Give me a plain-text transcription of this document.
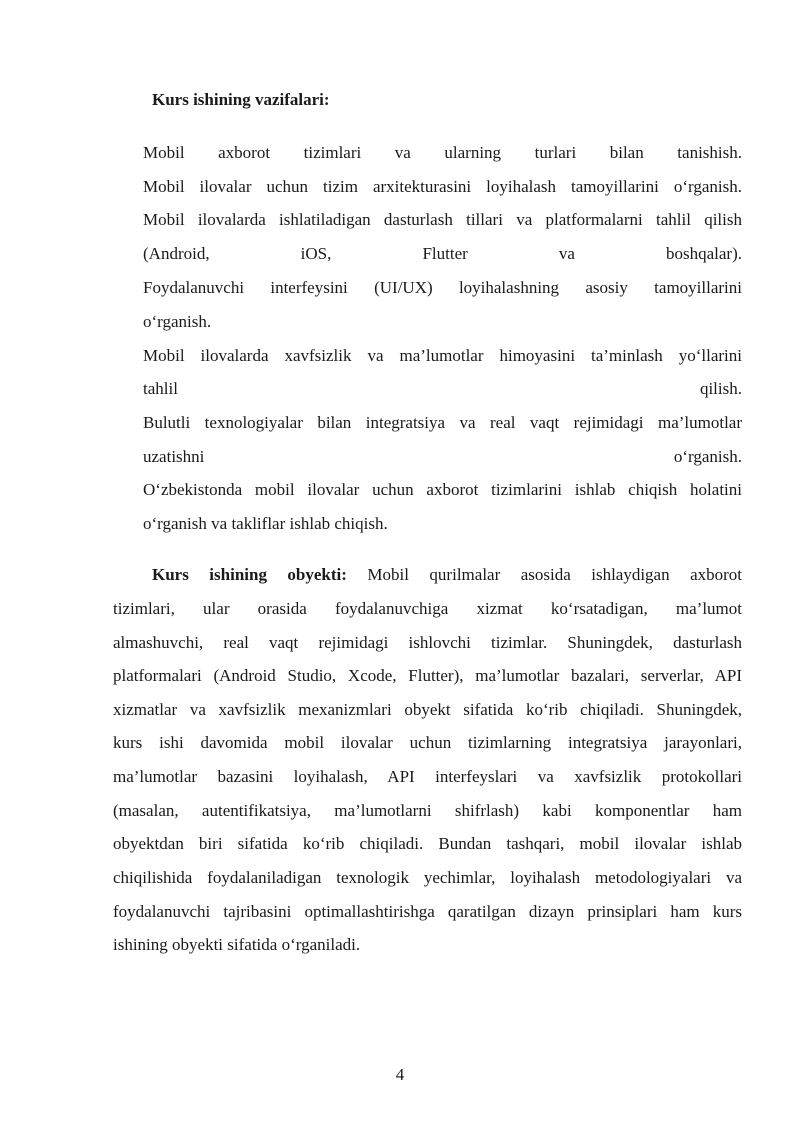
Kurs ishining vazifalari:
Mobil axborot tizimlari va ularning turlari bilan tanishish.
Mobil ilovalar uchun tizim arxitekturasini loyihalash tamoyillarini o‘rganish.
Mobil ilovalarda ishlatiladigan dasturlash tillari va platformalarni tahlil qilish
(Android, iOS, Flutter va boshqalar).
Foydalanuvchi interfeysini (UI/UX) loyihalashning asosiy tamoyillarini
o‘rganish.
Mobil ilovalarda xavfsizlik va ma’lumotlar himoyasini ta’minlash yo‘llarini
tahlil qilish.
Bulutli texnologiyalar bilan integratsiya va real vaqt rejimidagi ma’lumotlar
uzatishni o‘rganish.
O‘zbekistonda mobil ilovalar uchun axborot tizimlarini ishlab chiqish holatini
o‘rganish va takliflar ishlab chiqish.
Kurs ishining obyekti: Mobil qurilmalar asosida ishlaydigan axborot
tizimlari, ular orasida foydalanuvchiga xizmat ko‘rsatadigan, ma’lumot
almashuvchi, real vaqt rejimidagi ishlovchi tizimlar. Shuningdek, dasturlash
platformalari (Android Studio, Xcode, Flutter), ma’lumotlar bazalari, serverlar, API
xizmatlar va xavfsizlik mexanizmlari obyekt sifatida ko‘rib chiqiladi. Shuningdek,
kurs ishi davomida mobil ilovalar uchun tizimlarning integratsiya jarayonlari,
ma’lumotlar bazasini loyihalash, API interfeyslari va xavfsizlik protokollari
(masalan, autentifikatsiya, ma’lumotlarni shifrlash) kabi komponentlar ham
obyektdan biri sifatida ko‘rib chiqiladi. Bundan tashqari, mobil ilovalar ishlab
chiqilishida foydalaniladigan texnologik yechimlar, loyihalash metodologiyalari va
foydalanuvchi tajribasini optimallashtirishga qaratilgan dizayn prinsiplari ham kurs
ishining obyekti sifatida o‘rganiladi.
4
